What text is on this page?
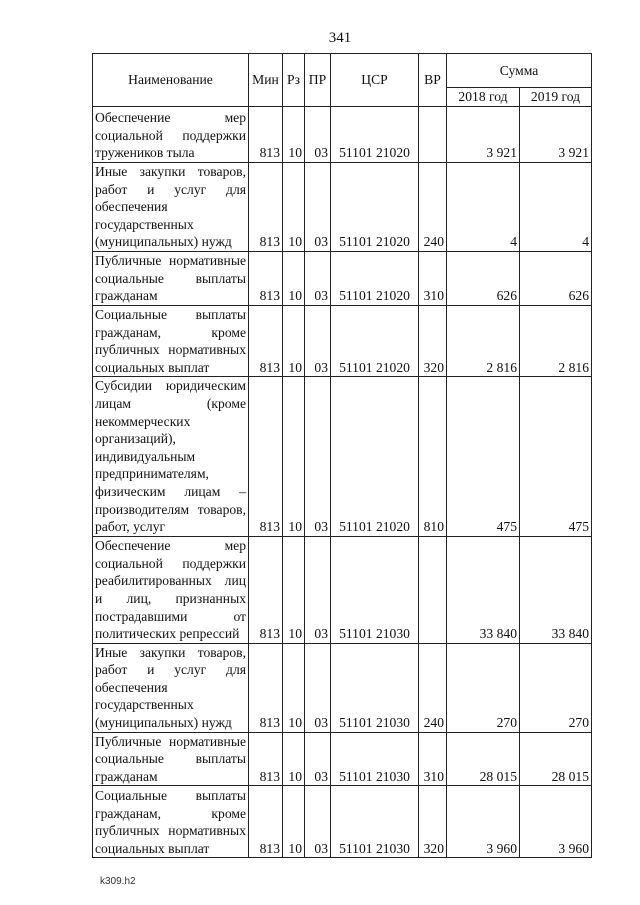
341
Наименование	Мин	Рз	ПР	ЦСР	ВР	Сумма	
						2018 год	2019 год
Обеспечение мер социальной поддержки тружеников тыла	813	10	03	51101 21020		3 921	3 921
Иные закупки товаров, работ и услуг для обеспечения государственных (муниципальных) нужд	813	10	03	51101 21020	240	4	4
Публичные нормативные социальные выплаты гражданам	813	10	03	51101 21020	310	626	626
Социальные выплаты гражданам, кроме публичных нормативных социальных выплат	813	10	03	51101 21020	320	2 816	2 816
Субсидии юридическим лицам (кроме некоммерческих организаций), индивидуальным предпринимателям, физическим лицам – производителям товаров, работ, услуг	813	10	03	51101 21020	810	475	475
Обеспечение мер социальной поддержки реабилитированных лиц и лиц, признанных пострадавшими от политических репрессий	813	10	03	51101 21030		33 840	33 840
Иные закупки товаров, работ и услуг для обеспечения государственных (муниципальных) нужд	813	10	03	51101 21030	240	270	270
Публичные нормативные социальные выплаты гражданам	813	10	03	51101 21030	310	28 015	28 015
Социальные выплаты гражданам, кроме публичных нормативных социальных выплат	813	10	03	51101 21030	320	3 960	3 960
k309.h2
